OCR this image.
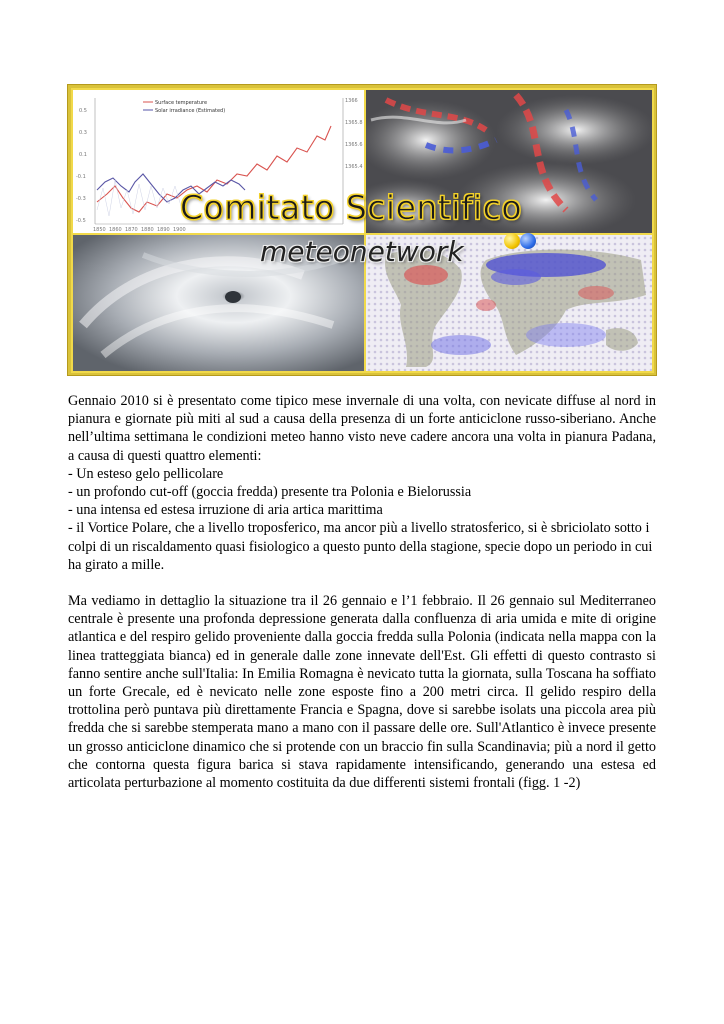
0.5
0.3
0.1
-0.1
-0.3
-0.5
1366
1365.8
1365.6
1365.4
1850 1860 1870 1880 1890 1900
Surface temperature
Solar irradiance (Estimated)
Comitato Scientifico
meteonetwork

Gennaio 2010 si è presentato come tipico mese invernale di una volta, con nevicate diffuse al nord in pianura e giornate più miti al sud a causa della presenza di un forte anticiclone russo-siberiano. Anche nell’ultima settimana le condizioni meteo hanno visto neve cadere ancora una volta in pianura Padana, a causa di questi quattro elementi:

- Un esteso gelo pellicolare
- un profondo cut-off (goccia fredda) presente tra Polonia e Bielorussia
- una intensa ed estesa irruzione di aria artica marittima
- il Vortice Polare, che a livello troposferico, ma ancor più a livello stratosferico, si è sbriciolato sotto i colpi di un riscaldamento quasi fisiologico a questo punto della stagione, specie dopo un periodo in cui ha girato a mille.

Ma vediamo in dettaglio la situazione tra il 26 gennaio e l’1 febbraio. Il 26 gennaio sul Mediterraneo centrale è presente una profonda depressione generata dalla confluenza di aria umida e mite di origine atlantica e del respiro gelido proveniente dalla goccia fredda sulla Polonia (indicata nella mappa con la linea tratteggiata bianca) ed in generale dalle zone innevate dell'Est. Gli effetti di questo contrasto si fanno sentire anche sull'Italia: In Emilia Romagna è nevicato tutta la giornata, sulla Toscana ha soffiato un forte Grecale, ed è nevicato nelle zone esposte fino a 200 metri circa. Il gelido respiro della trottolina però puntava più direttamente Francia e Spagna, dove si sarebbe isolats una piccola area più fredda che si sarebbe stemperata mano a mano con il passare delle ore. Sull'Atlantico è invece presente un grosso anticiclone dinamico che si protende con un braccio fin sulla Scandinavia; più a nord il getto che contorna questa figura barica si stava rapidamente intensificando, generando una estesa ed articolata perturbazione al momento costituita da due differenti sistemi frontali (figg. 1 -2)
